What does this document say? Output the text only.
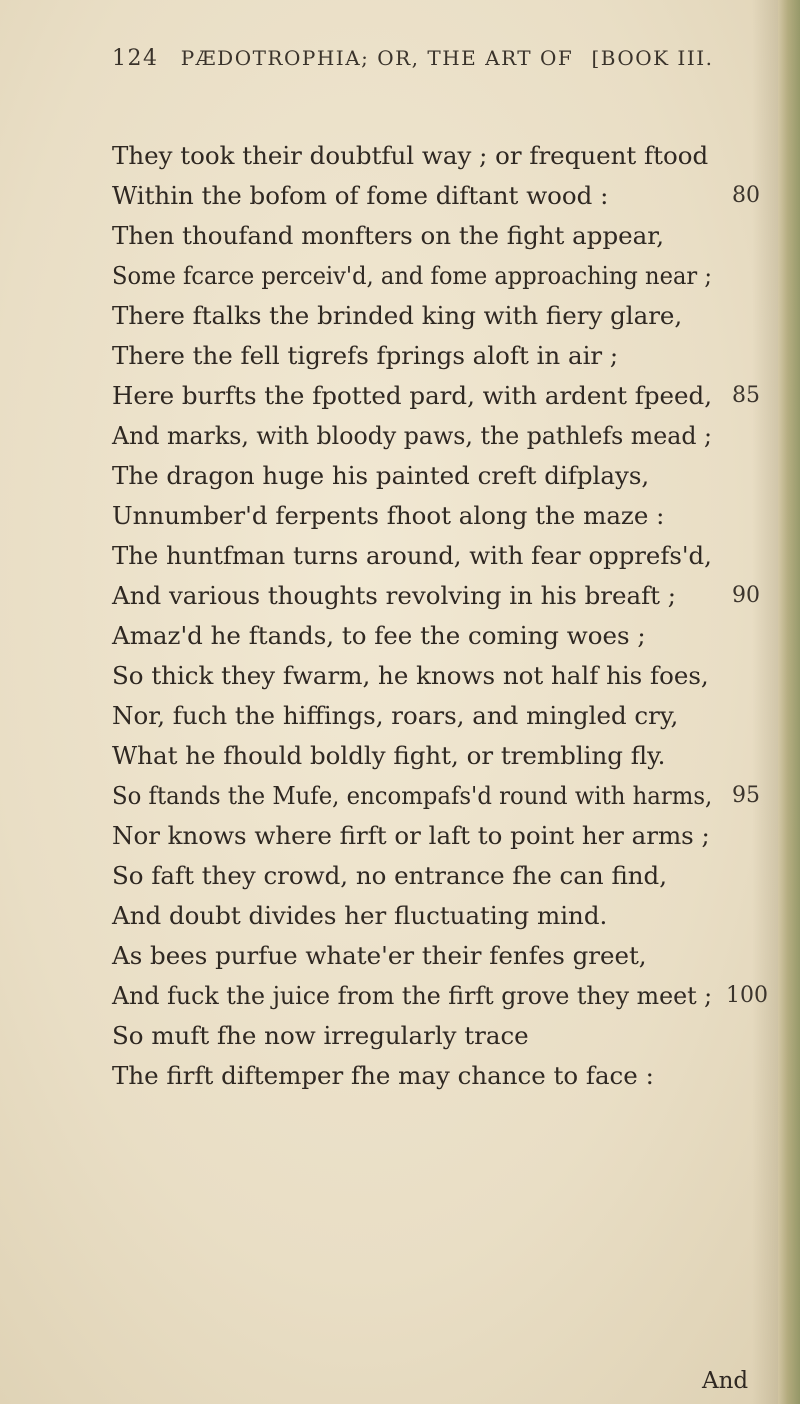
124 PÆDOTROPHIA; OR, THE ART OF [BOOK III.
They took their doubtful way ; or frequent ftood
Within the bofom of fome diftant wood :
Then thoufand monfters on the fight appear,
Some fcarce perceiv'd, and fome approaching near ;
There ftalks the brinded king with fiery glare,
There the fell tigrefs fprings aloft in air ;
Here burfts the fpotted pard, with ardent fpeed,
And marks, with bloody paws, the pathlefs mead ;
The dragon huge his painted creft difplays,
Unnumber'd ferpents fhoot along the maze :
The huntfman turns around, with fear opprefs'd,
And various thoughts revolving in his breaft ;
Amaz'd he ftands, to fee the coming woes ;
So thick they fwarm, he knows not half his foes,
Nor, fuch the hiffings, roars, and mingled cry,
What he fhould boldly fight, or trembling fly.
So ftands the Mufe, encompafs'd round with harms,
Nor knows where firft or laft to point her arms ;
So faft they crowd, no entrance fhe can find,
And doubt divides her fluctuating mind.
As bees purfue whate'er their fenfes greet,
And fuck the juice from the firft grove they meet ;
So muft fhe now irregularly trace
The firft diftemper fhe may chance to face :
80
85
90
95
100
And
